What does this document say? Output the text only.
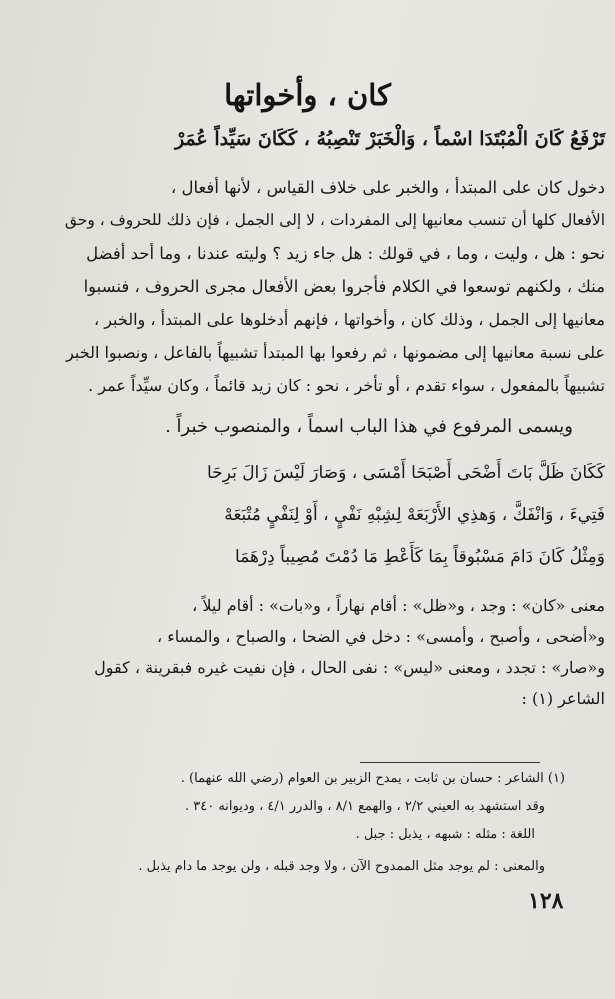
كان ، وأخواتها
تَرْفَعُ كَانَ الْمُبْتَدَا اسْماً ، وَالْخَبَرْ تَنْصِبُهُ ، كَكَانَ سَيِّداً عُمَرْ
دخول كان على المبتدأ ، والخبر على خلاف القياس ، لأنها أفعال ،
الأفعال كلها أن تنسب معانيها إلى المفردات ، لا إلى الجمل ، فإن ذلك للحروف ، وحق
نحو : هل ، وليت ، وما ، في قولك : هل جاء زيد ؟ وليته عندنا ، وما أحد أفضل
منك ، ولكنهم توسعوا في الكلام فأجروا بعض الأفعال مجرى الحروف ، فنسبوا
معانيها إلى الجمل ، وذلك كان ، وأخواتها ، فإنهم أدخلوها على المبتدأ ، والخبر ،
على نسبة معانيها إلى مضمونها ، ثم رفعوا بها المبتدأ تشبيهاً بالفاعل ، ونصبوا الخبر
تشبيهاً بالمفعول ، سواء تقدم ، أو تأخر ، نحو : كان زيد قائماً ، وكان سيِّداً عمر .
ويسمى المرفوع في هذا الباب اسماً ، والمنصوب خبراً .
كَكَانَ ظَلَّ بَاتَ أَضْحَى أَصْبَحَا أَمْسَى ، وَصَارَ لَيْسَ زَالَ بَرِحَا
فَتِيءَ ، وَانْفَكَّ ، وَهذِي الأَرْبَعَهْ لِشِبْهِ نَفْيٍ ، أَوْ لِنَفْيٍ مُتْبَعَهْ
وَمِثْلُ كَانَ دَامَ مَسْبُوقاً بِمَا كَأَعْطِ مَا دُمْتَ مُصِيباً دِرْهَمَا
معنى «كان» : وجد ، و«ظل» : أقام نهاراً ، و«بات» : أقام ليلاً ،
و«أضحى ، وأصبح ، وأمسى» : دخل في الضحا ، والصباح ، والمساء ،
و«صار» : تجدد ، ومعنى «ليس» : نفى الحال ، فإن نفيت غيره فبقرينة ، كقول
الشاعر (١) :
(١) الشاعر : حسان بن ثابت ، يمدح الزبير بن العوام (رضي الله عنهما) .
وقد استشهد به العيني ٢/٢ ، والهمع ٨/١ ، والدرر ٤/١ ، وديوانه ٣٤٠ .
اللغة : مثله : شبهه ، يذبل : جبل .
والمعنى : لم يوجد مثل الممدوح الآن ، ولا وجد قبله ، ولن يوجد ما دام يذبل .
١٢٨
